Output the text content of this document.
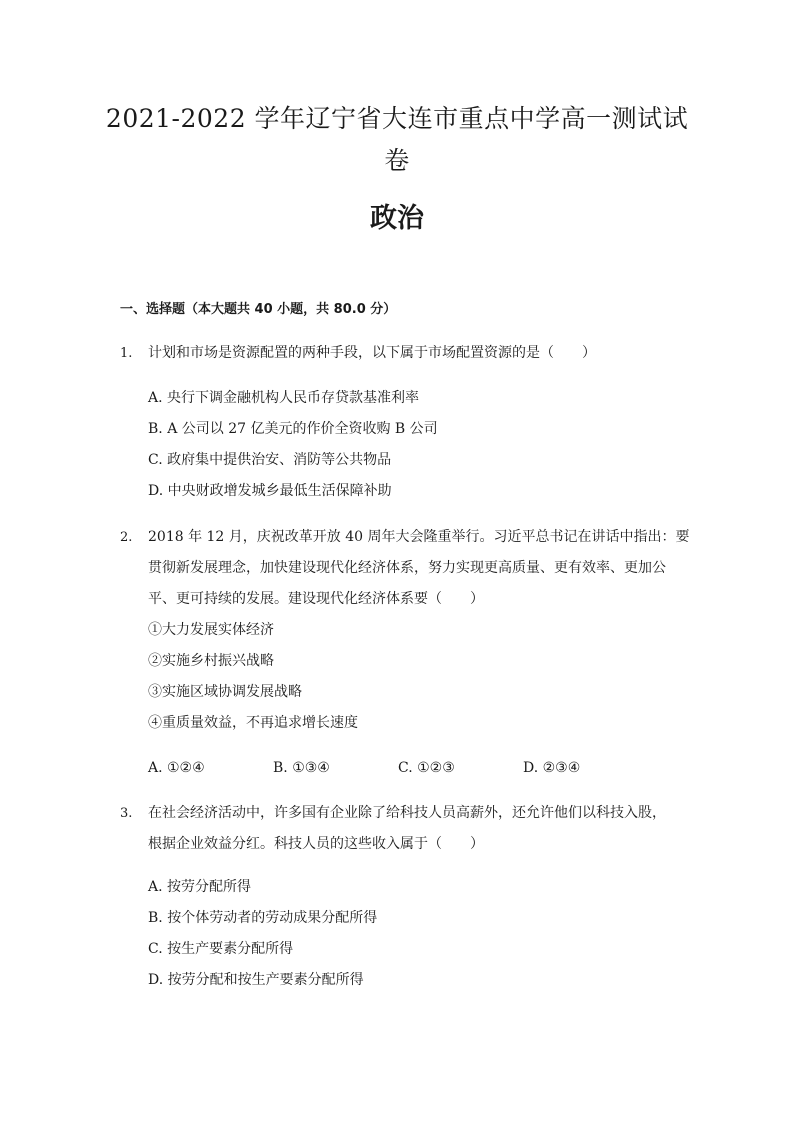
2021-2022 学年辽宁省大连市重点中学高一测试试
卷
政治
一、选择题（本大题共 40 小题，共 80.0 分）
1.	计划和市场是资源配置的两种手段，以下属于市场配置资源的是（　　）
A. 央行下调金融机构人民币存贷款基准利率
B. A 公司以 27 亿美元的作价全资收购 B 公司
C. 政府集中提供治安、消防等公共物品
D. 中央财政增发城乡最低生活保障补助
2.	2018 年 12 月，庆祝改革开放 40 周年大会隆重举行。习近平总书记在讲话中指出：要
贯彻新发展理念，加快建设现代化经济体系，努力实现更高质量、更有效率、更加公
平、更可持续的发展。建设现代化经济体系要（　　）
①大力发展实体经济
②实施乡村振兴战略
③实施区域协调发展战略
④重质量效益，不再追求增长速度
A. ①②④	B. ①③④	C. ①②③	D. ②③④
3.	在社会经济活动中，许多国有企业除了给科技人员高薪外，还允许他们以科技入股，
根据企业效益分红。科技人员的这些收入属于（　　）
A. 按劳分配所得
B. 按个体劳动者的劳动成果分配所得
C. 按生产要素分配所得
D. 按劳分配和按生产要素分配所得
